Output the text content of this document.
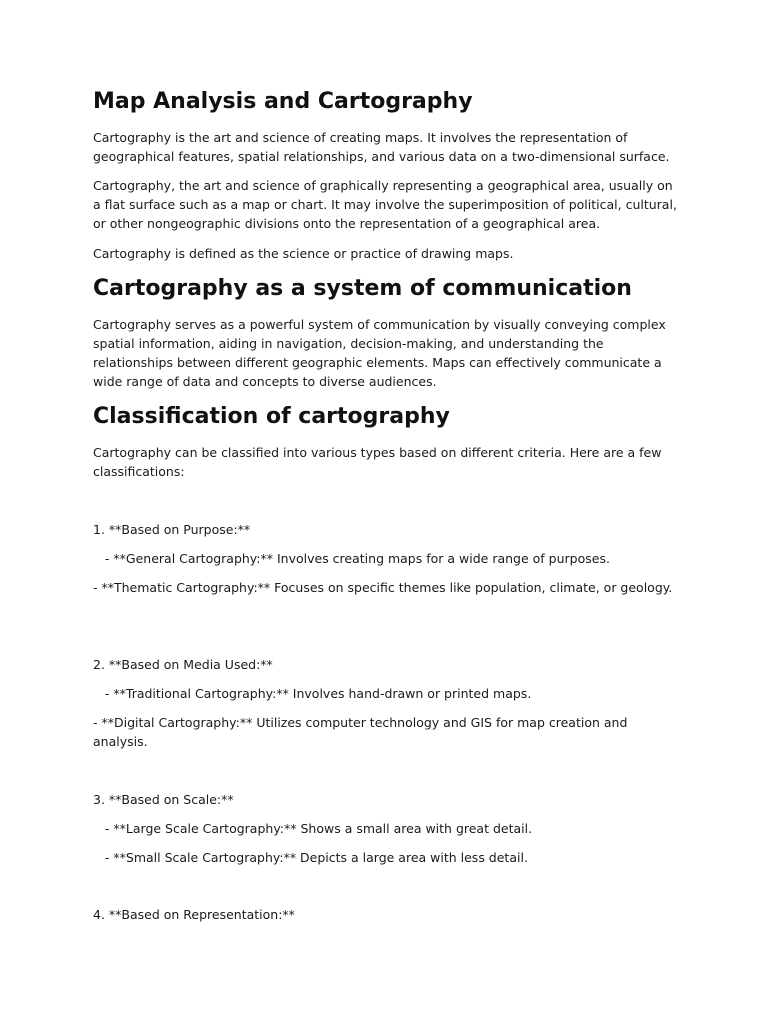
Map Analysis and Cartography

Cartography is the art and science of creating maps. It involves the representation of geographical features, spatial relationships, and various data on a two-dimensional surface.

Cartography, the art and science of graphically representing a geographical area, usually on a flat surface such as a map or chart. It may involve the superimposition of political, cultural, or other nongeographic divisions onto the representation of a geographical area.

Cartography is defined as the science or practice of drawing maps.

Cartography as a system of communication

Cartography serves as a powerful system of communication by visually conveying complex spatial information, aiding in navigation, decision-making, and understanding the relationships between different geographic elements. Maps can effectively communicate a wide range of data and concepts to diverse audiences.

Classification of cartography

Cartography can be classified into various types based on different criteria. Here are a few classifications:

1. **Based on Purpose:**

- **General Cartography:** Involves creating maps for a wide range of purposes.

- **Thematic Cartography:** Focuses on specific themes like population, climate, or geology.

2. **Based on Media Used:**

- **Traditional Cartography:** Involves hand-drawn or printed maps.

- **Digital Cartography:** Utilizes computer technology and GIS for map creation and analysis.

3. **Based on Scale:**

- **Large Scale Cartography:** Shows a small area with great detail.

- **Small Scale Cartography:** Depicts a large area with less detail.

4. **Based on Representation:**
